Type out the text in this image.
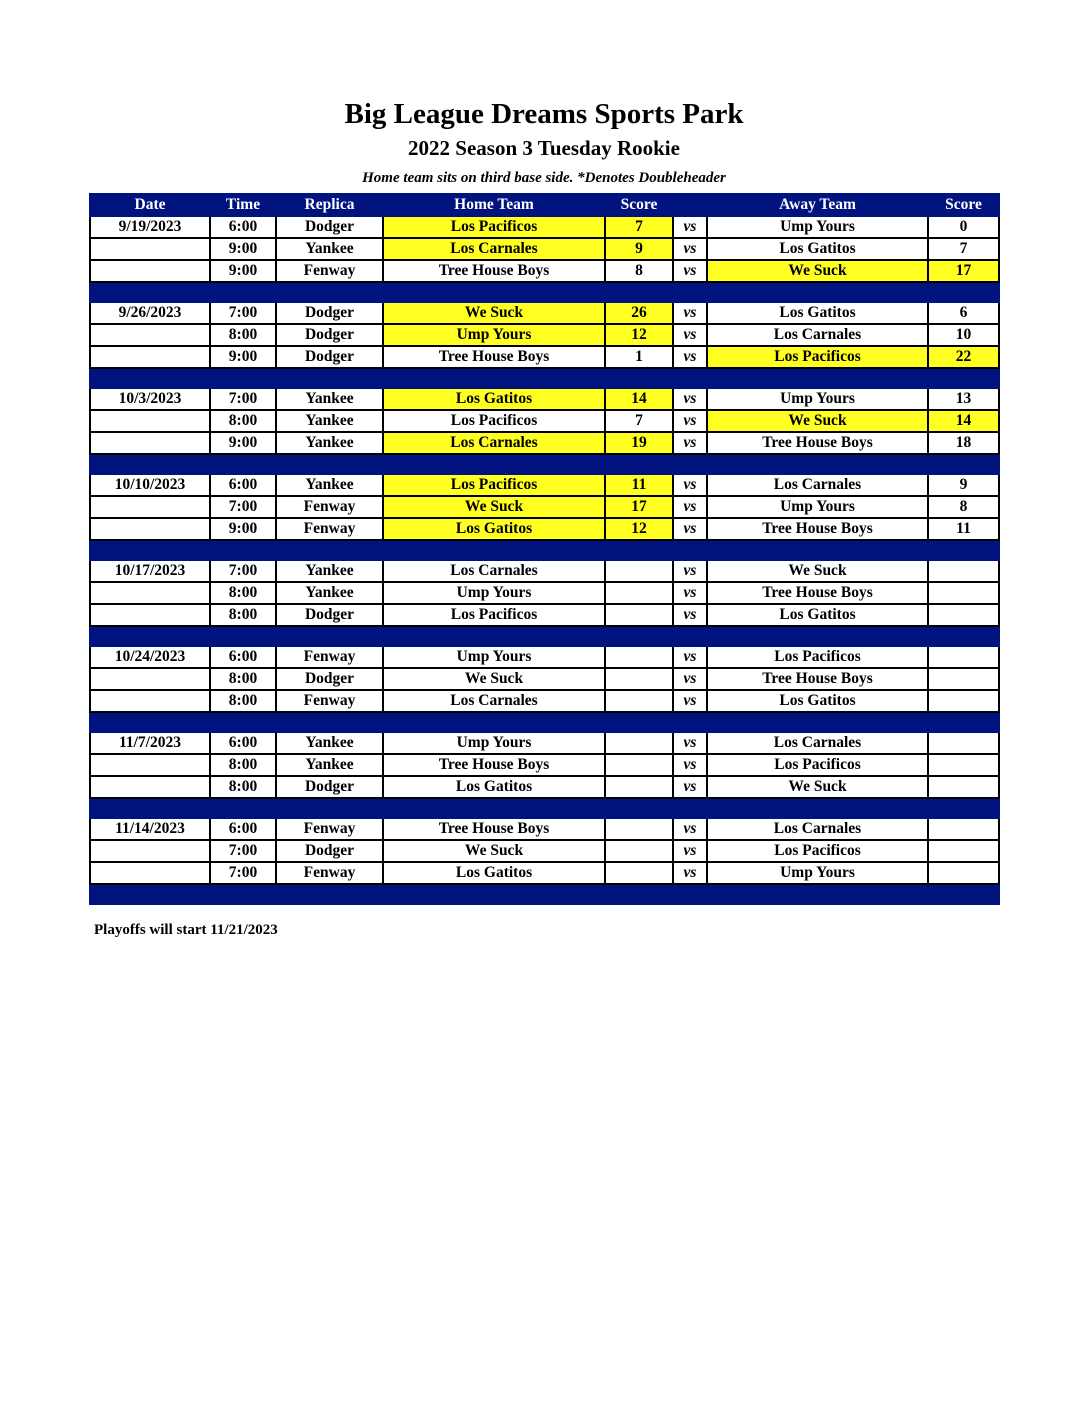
Big League Dreams Sports Park
2022 Season 3 Tuesday Rookie
Home team sits on third base side. *Denotes Doubleheader
Date	Time	Replica	Home Team	Score		Away Team	Score
9/19/2023	6:00	Dodger	Los Pacificos	7	vs	Ump Yours	0
	9:00	Yankee	Los Carnales	9	vs	Los Gatitos	7
	9:00	Fenway	Tree House Boys	8	vs	We Suck	17

9/26/2023	7:00	Dodger	We Suck	26	vs	Los Gatitos	6
	8:00	Dodger	Ump Yours	12	vs	Los Carnales	10
	9:00	Dodger	Tree House Boys	1	vs	Los Pacificos	22

10/3/2023	7:00	Yankee	Los Gatitos	14	vs	Ump Yours	13
	8:00	Yankee	Los Pacificos	7	vs	We Suck	14
	9:00	Yankee	Los Carnales	19	vs	Tree House Boys	18

10/10/2023	6:00	Yankee	Los Pacificos	11	vs	Los Carnales	9
	7:00	Fenway	We Suck	17	vs	Ump Yours	8
	9:00	Fenway	Los Gatitos	12	vs	Tree House Boys	11

10/17/2023	7:00	Yankee	Los Carnales		vs	We Suck	
	8:00	Yankee	Ump Yours		vs	Tree House Boys	
	8:00	Dodger	Los Pacificos		vs	Los Gatitos	

10/24/2023	6:00	Fenway	Ump Yours		vs	Los Pacificos	
	8:00	Dodger	We Suck		vs	Tree House Boys	
	8:00	Fenway	Los Carnales		vs	Los Gatitos	

11/7/2023	6:00	Yankee	Ump Yours		vs	Los Carnales	
	8:00	Yankee	Tree House Boys		vs	Los Pacificos	
	8:00	Dodger	Los Gatitos		vs	We Suck	

11/14/2023	6:00	Fenway	Tree House Boys		vs	Los Carnales	
	7:00	Dodger	We Suck		vs	Los Pacificos	
	7:00	Fenway	Los Gatitos		vs	Ump Yours	

Playoffs will start 11/21/2023
